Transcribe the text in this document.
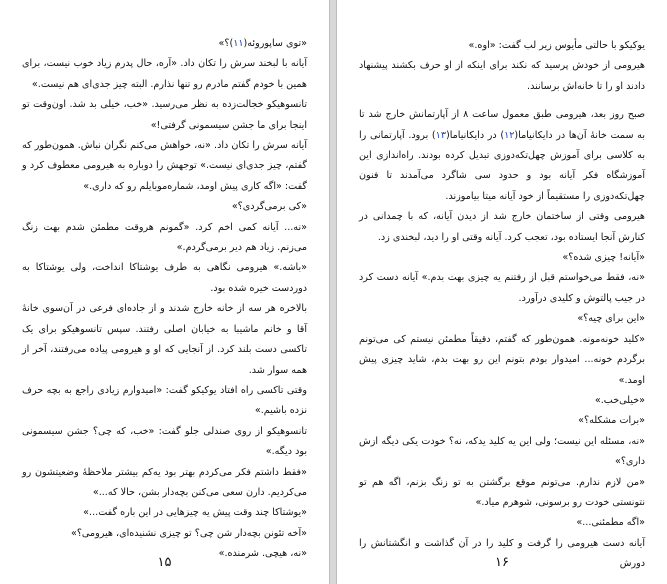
«توی ساپوروئه(۱۱)؟»

آیانه با لبخند سرش را تکان داد. «آره، حال پدرم زیاد خوب نیست، برای همین با خودم گفتم مادرم رو تنها نذارم. البته چیز جدی‌ای هم نیست.»

تانسوهیکو خجالت‌زده به نظر می‌رسید. «خب، خیلی بد شد. اون‌وقت تو اینجا برای ما جشن سیسمونی گرفتی!»

آیانه سرش را تکان داد. «نه، خواهش می‌کنم نگران نباش. همون‌طور که گفتم، چیز جدی‌ای نیست.» توجهش را دوباره به هیرومی معطوف کرد و گفت: «اگه کاری پیش اومد، شماره‌موبایلم رو که داری.»

«کی برمی‌گردی؟»

«نه... آیانه کمی اخم کرد. «گمونم هروقت مطمئن شدم بهت زنگ می‌زنم. زیاد هم دیر برمی‌گردم.»

«باشه.» هیرومی نگاهی به طرف یوشتاکا انداخت، ولی یوشتاکا به دوردست خیره شده بود.

بالاخره هر سه از خانه خارج شدند و از جاده‌ای فرعی در آن‌سوی خانهٔ آقا و خانم ماشیبا به خیابان اصلی رفتند. سپس تانسوهیکو برای یک تاکسی دست بلند کرد. از آنجایی که او و هیرومی پیاده می‌رفتند، آخر از همه سوار شد.

وقتی تاکسی راه افتاد یوکیکو گفت: «امیدوارم زیادی راجع به بچه حرف نزده باشیم.»

تانسوهیکو از روی صندلی جلو گفت: «خب، که چی؟ جشن سیسمونی بود دیگه.»

«فقط داشتم فکر می‌کردم بهتر بود یه‌کم بیشتر ملاحظهٔ وضعیتشون رو می‌کردیم. دارن سعی می‌کنن بچه‌دار بشن، حالا که...»

«یوشتاکا چند وقت پیش یه چیزهایی در این باره گفت...»

«آخه تئونن بچه‌دار شن چی؟ تو چیزی نشنیده‌ای، هیرومی؟»

«نه، هیچی. شرمنده.»

۱۵

یوکیکو با حالتی مأیوس زیر لب گفت: «اوه.»

هیرومی از خودش پرسید که نکند برای اینکه از او حرف بکشند پیشنهاد دادند او را تا خانه‌اش برسانند.

صبح روز بعد، هیرومی طبق معمول ساعت ۸ از آپارتمانش خارج شد تا به سمت خانهٔ آن‌ها در دایکانیاما(۱۲) در دایکانیاما(۱۳) برود. آپارتمانی را به کلاسی برای آموزش چهل‌تکه‌دوزی تبدیل کرده بودند. راه‌اندازی این آموزشگاه فکر آیانه بود و حدود سی شاگرد می‌آمدند تا فنون چهل‌تکه‌دوزی را مستقیماً از خود آیانه میتا بیاموزند.

هیرومی وقتی از ساختمان خارج شد از دیدن آیانه، که با چمدانی در کنارش آنجا ایستاده بود، تعجب کرد. آیانه وقتی او را دید، لبخندی زد.

«آیانه! چیزی شده؟»

«نه، فقط می‌خواستم قبل از رفتنم یه چیزی بهت بدم.» آیانه دست کرد در جیب پالتوش و کلیدی درآورد.

«این برای چیه؟»

«کلید خونه‌مونه. همون‌طور که گفتم، دقیقاً مطمئن نیستم کی می‌تونم برگردم خونه... امیدوار بودم بتونم این رو بهت بدم، شاید چیزی پیش اومد.»

«خیلی‌خب.»

«برات مشکله؟»

«نه، مسئله این نیست؛ ولی این یه کلید یدکه، نه؟ خودت یکی دیگه ازش داری؟»

«من لازم ندارم. می‌تونم موقع برگشتن به تو زنگ بزنم، اگه هم تو نتونستی خودت رو برسونی، شوهرم میاد.»

«اگه مطمئنی...»

آیانه دست هیرومی را گرفت و کلید را در آن گذاشت و انگشتانش را دورش

۱۶
